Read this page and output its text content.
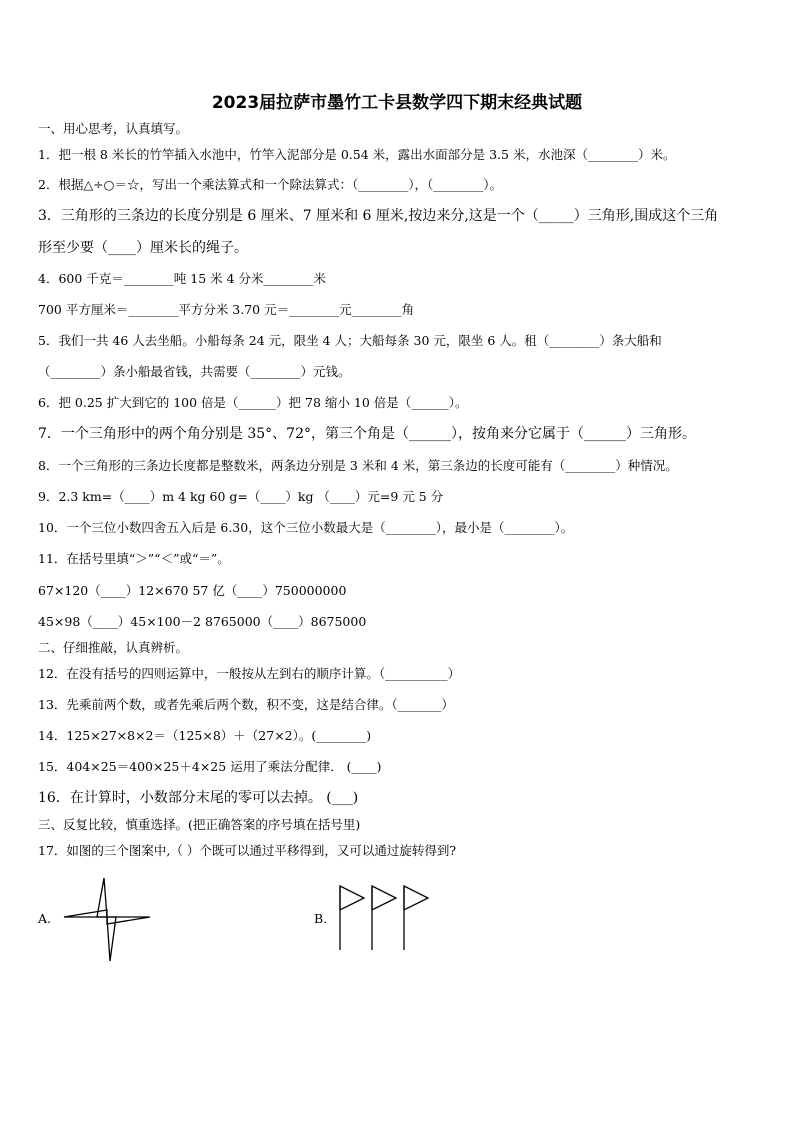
2023届拉萨市墨竹工卡县数学四下期末经典试题
一、用心思考，认真填写。
1．把一根 8 米长的竹竿插入水池中，竹竿入泥部分是 0.54 米，露出水面部分是 3.5 米，水池深（________）米。
2．根据△÷○＝☆，写出一个乘法算式和一个除法算式：（________），（________）。
3．三角形的三条边的长度分别是 6 厘米、7 厘米和 6 厘米,按边来分,这是一个（_____）三角形,围成这个三角
形至少要（____）厘米长的绳子。
4．600 千克＝________吨 15 米 4 分米________米
700 平方厘米＝________平方分米 3.70 元＝________元________角
5．我们一共 46 人去坐船。小船每条 24 元，限坐 4 人；大船每条 30 元，限坐 6 人。租（________）条大船和
（________）条小船最省钱，共需要（________）元钱。
6．把 0.25 扩大到它的 100 倍是（______）把 78 缩小 10 倍是（______）。
7．一个三角形中的两个角分别是 35°、72°，第三个角是（______），按角来分它属于（______）三角形。
8．一个三角形的三条边长度都是整数米，两条边分别是 3 米和 4 米，第三条边的长度可能有（________）种情况。
9．2.3 km=（____）m 4 kg 60 g=（____）kg （____）元=9 元 5 分
10．一个三位小数四舍五入后是 6.30，这个三位小数最大是（________），最小是（________）。
11．在括号里填“＞”“＜”或“＝”。
67×120（____）12×670 57 亿（____）750000000
45×98（____）45×100－2 8765000（____）8675000
二、仔细推敲，认真辨析。
12．在没有括号的四则运算中，一般按从左到右的顺序计算。（__________）
13．先乘前两个数，或者先乘后两个数，积不变，这是结合律。（_______）
14．125×27×8×2＝（125×8）＋（27×2）。(________)
15．404×25＝400×25＋4×25 运用了乘法分配律． (____)
16．在计算时，小数部分末尾的零可以去掉。 (___)
三、反复比较，慎重选择。(把正确答案的序号填在括号里)
17．如图的三个图案中,（ ）个既可以通过平移得到，又可以通过旋转得到?
A.	B.
